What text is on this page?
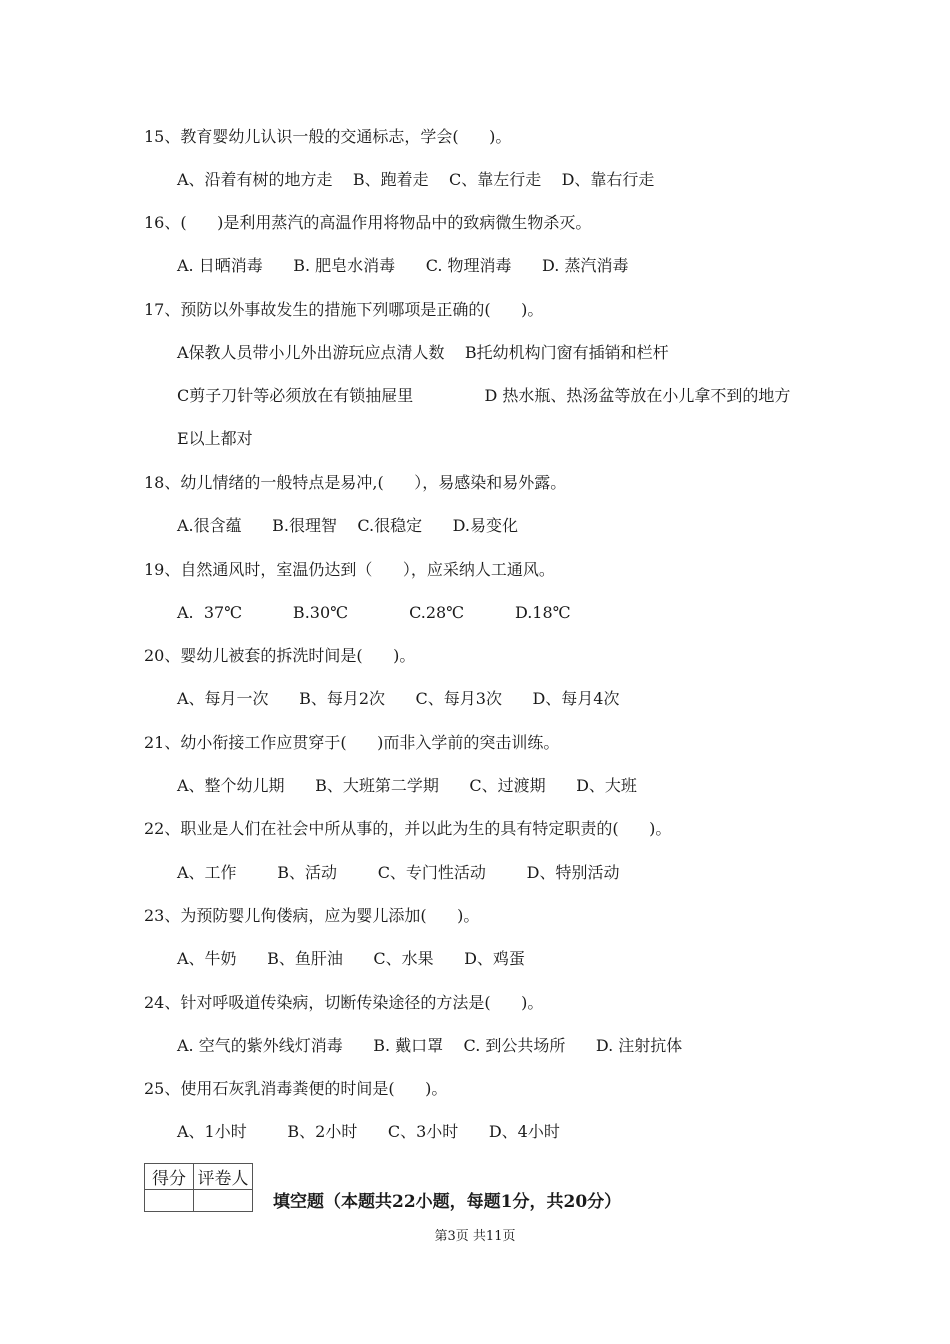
15、教育婴幼儿认识一般的交通标志，学会(      )。
A、沿着有树的地方走    B、跑着走    C、靠左行走    D、靠右行走
16、(      )是利用蒸汽的高温作用将物品中的致病微生物杀灭。
A. 日晒消毒      B. 肥皂水消毒      C. 物理消毒      D. 蒸汽消毒
17、预防以外事故发生的措施下列哪项是正确的(      )。
A保教人员带小儿外出游玩应点清人数    B托幼机构门窗有插销和栏杆
C剪子刀针等必须放在有锁抽屉里              D 热水瓶、热汤盆等放在小儿拿不到的地方
E以上都对
18、幼儿情绪的一般特点是易冲,(      ），易感染和易外露。
A.很含蕴      B.很理智    C.很稳定      D.易变化
19、自然通风时，室温仍达到（      ），应采纳人工通风。
A.  37℃          B.30℃            C.28℃          D.18℃
20、婴幼儿被套的拆洗时间是(      )。
A、每月一次      B、每月2次      C、每月3次      D、每月4次
21、幼小衔接工作应贯穿于(      )而非入学前的突击训练。
A、整个幼儿期      B、大班第二学期      C、过渡期      D、大班
22、职业是人们在社会中所从事的，并以此为生的具有特定职责的(      )。
A、工作        B、活动        C、专门性活动        D、特别活动
23、为预防婴儿佝偻病，应为婴儿添加(      )。
A、牛奶      B、鱼肝油      C、水果      D、鸡蛋
24、针对呼吸道传染病，切断传染途径的方法是(      )。
A. 空气的紫外线灯消毒      B. 戴口罩    C. 到公共场所      D. 注射抗体
25、使用石灰乳消毒粪便的时间是(      )。
A、1小时        B、2小时      C、3小时      D、4小时
得分	评卷人

填空题（本题共22小题，每题1分，共20分）
第3页 共11页
